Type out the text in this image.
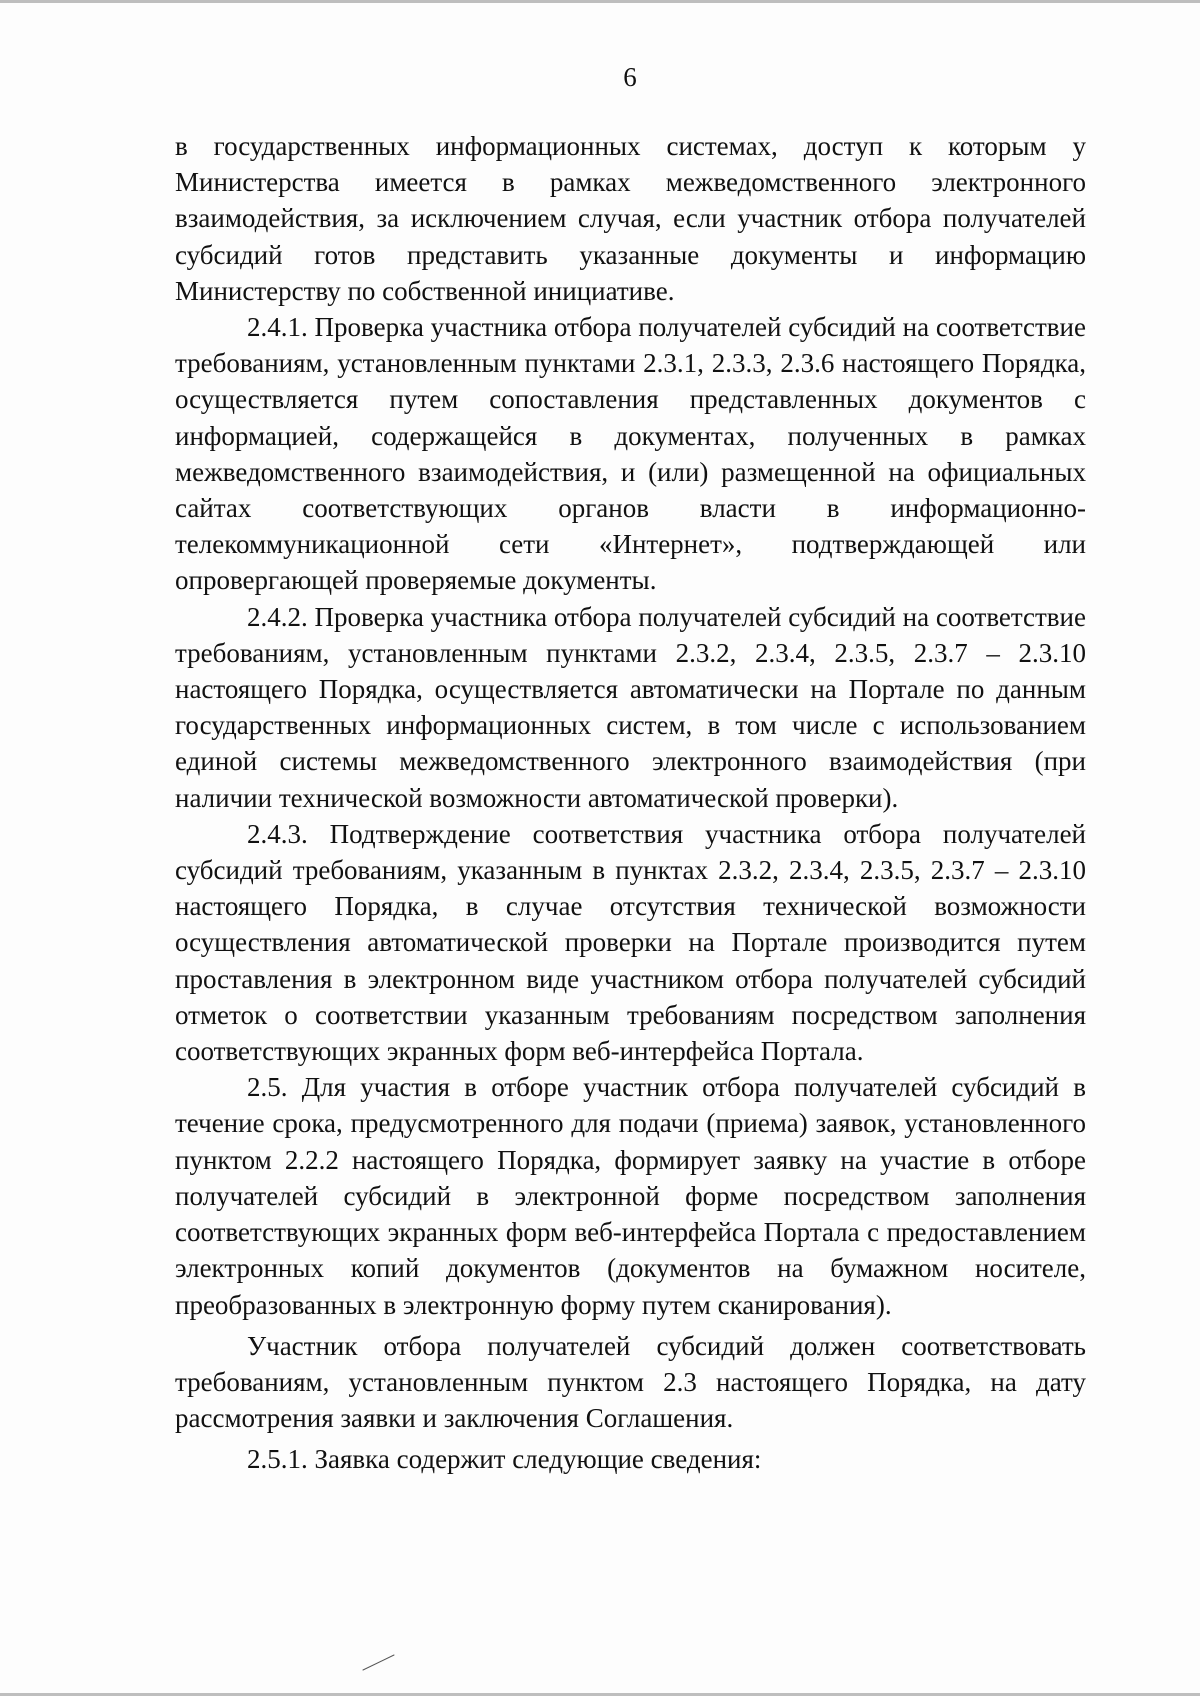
6

в государственных информационных системах, доступ к которым у Министерства имеется в рамках межведомственного электронного взаимодействия, за исключением случая, если участник отбора получателей субсидий готов представить указанные документы и информацию Министерству по собственной инициативе.

2.4.1. Проверка участника отбора получателей субсидий на соответствие требованиям, установленным пунктами 2.3.1, 2.3.3, 2.3.6 настоящего Порядка, осуществляется путем сопоставления представленных документов с информацией, содержащейся в документах, полученных в рамках межведомственного взаимодействия, и (или) размещенной на официальных сайтах соответствующих органов власти в информационно-телекоммуникационной сети «Интернет», подтверждающей или опровергающей проверяемые документы.

2.4.2. Проверка участника отбора получателей субсидий на соответствие требованиям, установленным пунктами 2.3.2, 2.3.4, 2.3.5, 2.3.7 – 2.3.10 настоящего Порядка, осуществляется автоматически на Портале по данным государственных информационных систем, в том числе с использованием единой системы межведомственного электронного взаимодействия (при наличии технической возможности автоматической проверки).

2.4.3. Подтверждение соответствия участника отбора получателей субсидий требованиям, указанным в пунктах 2.3.2, 2.3.4, 2.3.5, 2.3.7 – 2.3.10 настоящего Порядка, в случае отсутствия технической возможности осуществления автоматической проверки на Портале производится путем проставления в электронном виде участником отбора получателей субсидий отметок о соответствии указанным требованиям посредством заполнения соответствующих экранных форм веб-интерфейса Портала.

2.5. Для участия в отборе участник отбора получателей субсидий в течение срока, предусмотренного для подачи (приема) заявок, установленного пунктом 2.2.2 настоящего Порядка, формирует заявку на участие в отборе получателей субсидий в электронной форме посредством заполнения соответствующих экранных форм веб-интерфейса Портала с предоставлением электронных копий документов (документов на бумажном носителе, преобразованных в электронную форму путем сканирования).

Участник отбора получателей субсидий должен соответствовать требованиям, установленным пунктом 2.3 настоящего Порядка, на дату рассмотрения заявки и заключения Соглашения.

2.5.1. Заявка содержит следующие сведения:
